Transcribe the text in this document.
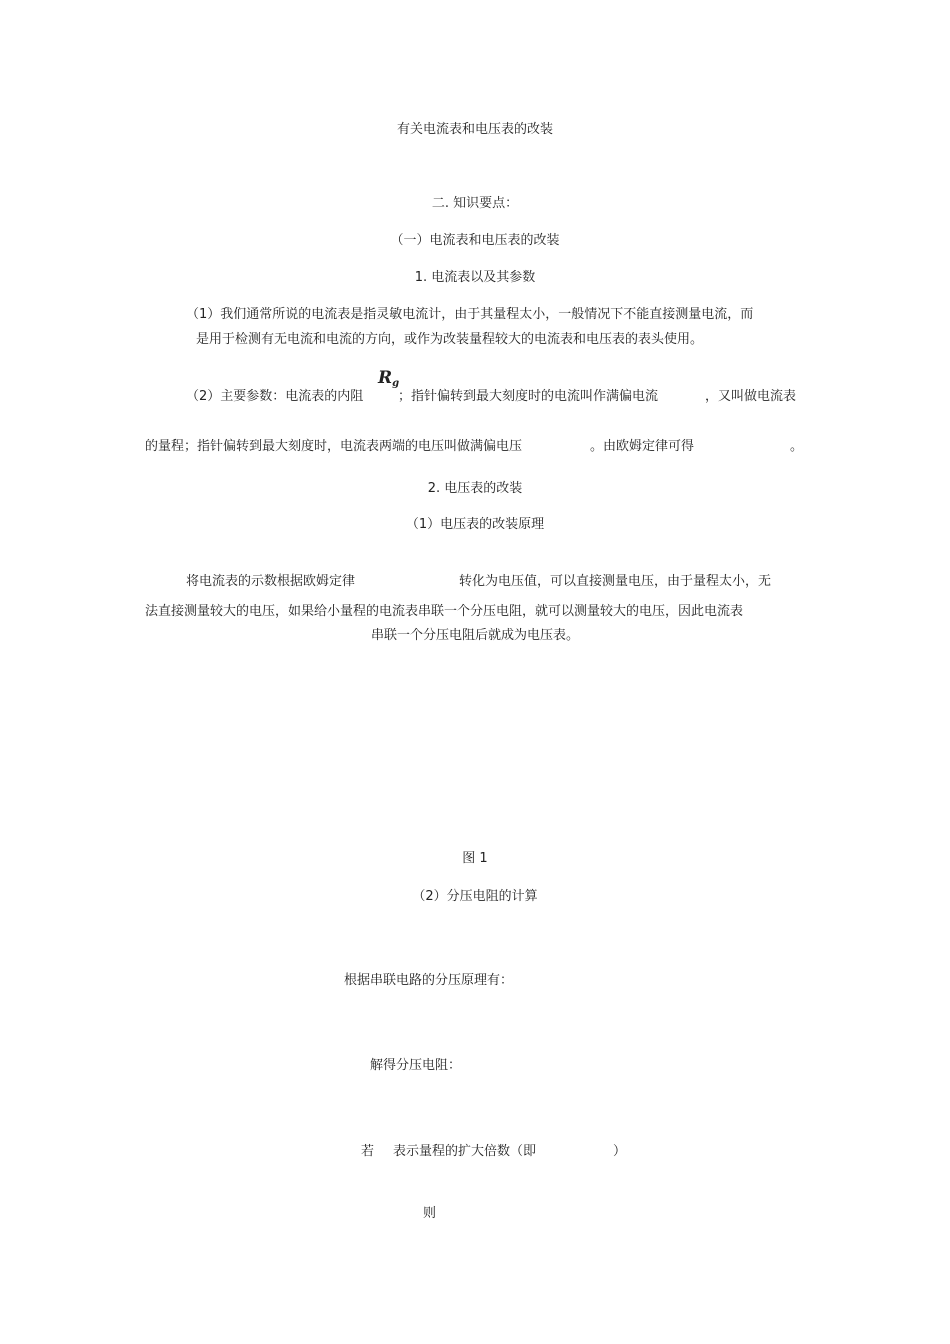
有关电流表和电压表的改装
二. 知识要点：
（一）电流表和电压表的改装
1. 电流表以及其参数
（1）我们通常所说的电流表是指灵敏电流计，由于其量程太小，一般情况下不能直接测量电流，而
是用于检测有无电流和电流的方向，或作为改装量程较大的电流表和电压表的表头使用。
（2）主要参数：电流表的内阻
$R_g$
；指针偏转到最大刻度时的电流叫作满偏电流	，又叫做电流表
的量程；指针偏转到最大刻度时，电流表两端的电压叫做满偏电压	。由欧姆定律可得	。
2. 电压表的改装
（1）电压表的改装原理
将电流表的示数根据欧姆定律	转化为电压值，可以直接测量电压，由于量程太小，无
法直接测量较大的电压，如果给小量程的电流表串联一个分压电阻，就可以测量较大的电压，因此电流表
串联一个分压电阻后就成为电压表。
图 1
（2）分压电阻的计算
根据串联电路的分压原理有：
解得分压电阻：
若 表示量程的扩大倍数（即	）
则
